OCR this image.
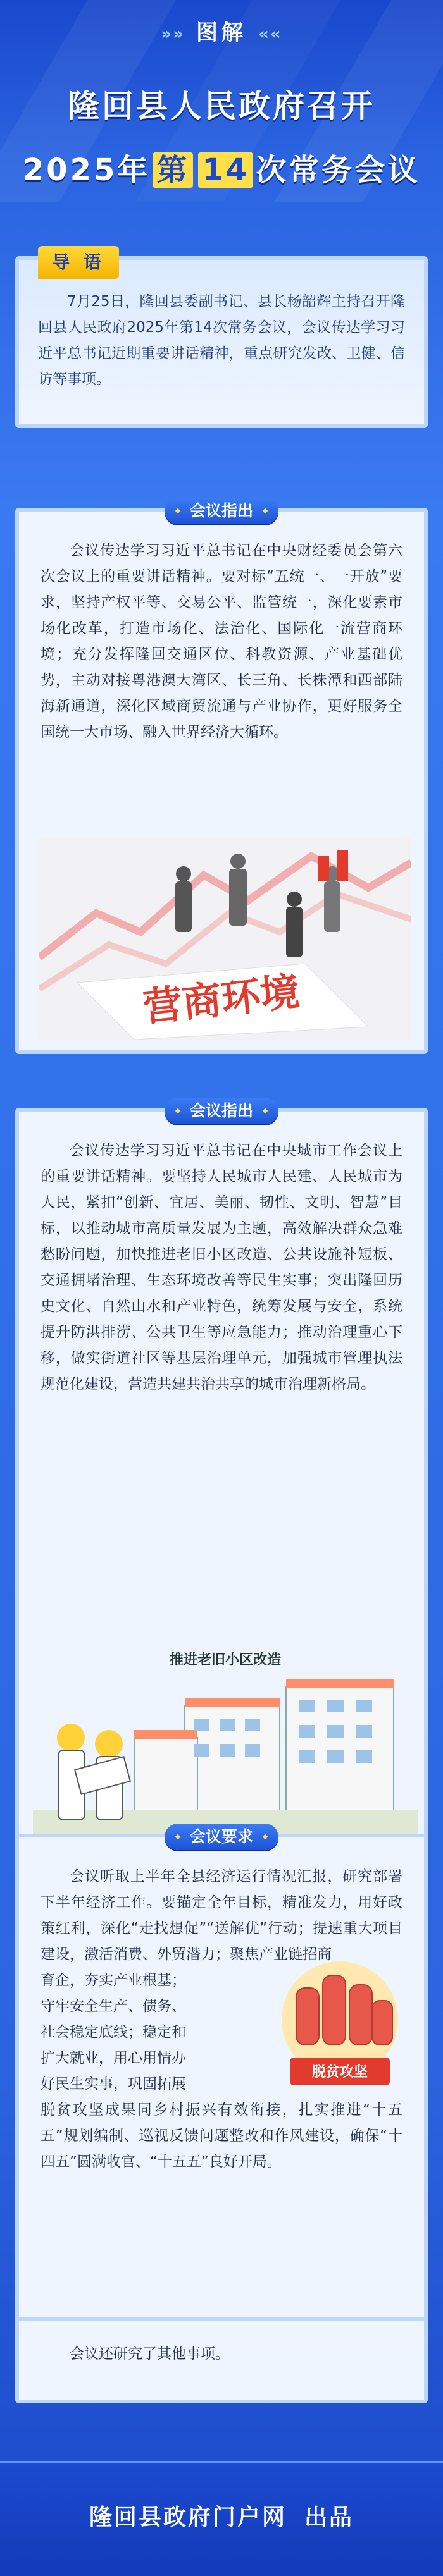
»» 图解 ««
隆回县人民政府召开
2025年 第 14 次常务会议
导 语

7月25日，隆回县委副书记、县长杨韶辉主持召开隆回县人民政府2025年第14次常务会议，会议传达学习习近平总书记近期重要讲话精神，重点研究发改、卫健、信访等事项。

会议指出

会议传达学习习近平总书记在中央财经委员会第六次会议上的重要讲话精神。要对标“五统一、一开放”要求，坚持产权平等、交易公平、监管统一，深化要素市场化改革，打造市场化、法治化、国际化一流营商环境；充分发挥隆回交通区位、科教资源、产业基础优势，主动对接粤港澳大湾区、长三角、长株潭和西部陆海新通道，深化区域商贸流通与产业协作，更好服务全国统一大市场、融入世界经济大循环。

营商环境
会议指出

会议传达学习习近平总书记在中央城市工作会议上的重要讲话精神。要坚持人民城市人民建、人民城市为人民，紧扣“创新、宜居、美丽、韧性、文明、智慧”目标，以推动城市高质量发展为主题，高效解决群众急难愁盼问题，加快推进老旧小区改造、公共设施补短板、交通拥堵治理、生态环境改善等民生实事；突出隆回历史文化、自然山水和产业特色，统筹发展与安全，系统提升防洪排涝、公共卫生等应急能力；推动治理重心下移，做实街道社区等基层治理单元，加强城市管理执法规范化建设，营造共建共治共享的城市治理新格局。

推进老旧小区改造
会议要求
会议听取上半年全县经济运行情况汇报，研究部署下半年经济工作。要锚定全年目标，精准发力，用好政策红利，深化“走找想促”“送解优”行动；提速重大项目建设，激活消费、外贸潜力；聚焦产业链招商
育企，夯实产业根基；
守牢安全生产、债务、
社会稳定底线；稳定和
扩大就业，用心用情办
好民生实事，巩固拓展
脱贫攻坚成果同乡村振兴有效衔接，扎实推进“十五五”规划编制、巡视反馈问题整改和作风建设，确保“十四五”圆满收官、“十五五”良好开局。
脱贫攻坚

会议还研究了其他事项。

隆回县政府门户网 出品
